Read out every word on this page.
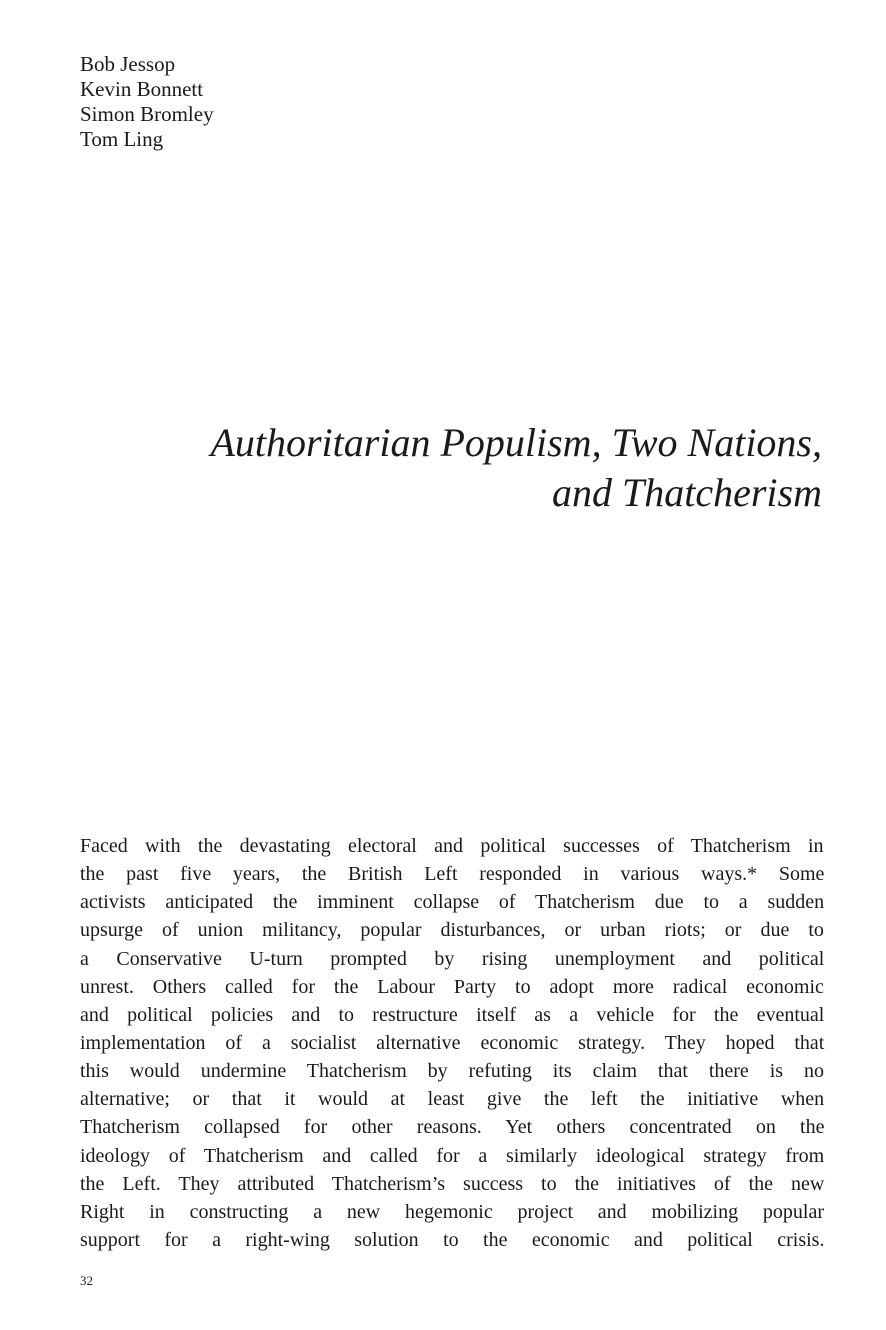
Bob Jessop
Kevin Bonnett
Simon Bromley
Tom Ling
Authoritarian Populism, Two Nations,
and Thatcherism
Faced with the devastating electoral and political successes of Thatcherism in
the past five years, the British Left responded in various ways.* Some
activists anticipated the imminent collapse of Thatcherism due to a sudden
upsurge of union militancy, popular disturbances, or urban riots; or due to
a Conservative U-turn prompted by rising unemployment and political
unrest. Others called for the Labour Party to adopt more radical economic
and political policies and to restructure itself as a vehicle for the eventual
implementation of a socialist alternative economic strategy. They hoped that
this would undermine Thatcherism by refuting its claim that there is no
alternative; or that it would at least give the left the initiative when
Thatcherism collapsed for other reasons. Yet others concentrated on the
ideology of Thatcherism and called for a similarly ideological strategy from
the Left. They attributed Thatcherism’s success to the initiatives of the new
Right in constructing a new hegemonic project and mobilizing popular
support for a right-wing solution to the economic and political crisis.
32
